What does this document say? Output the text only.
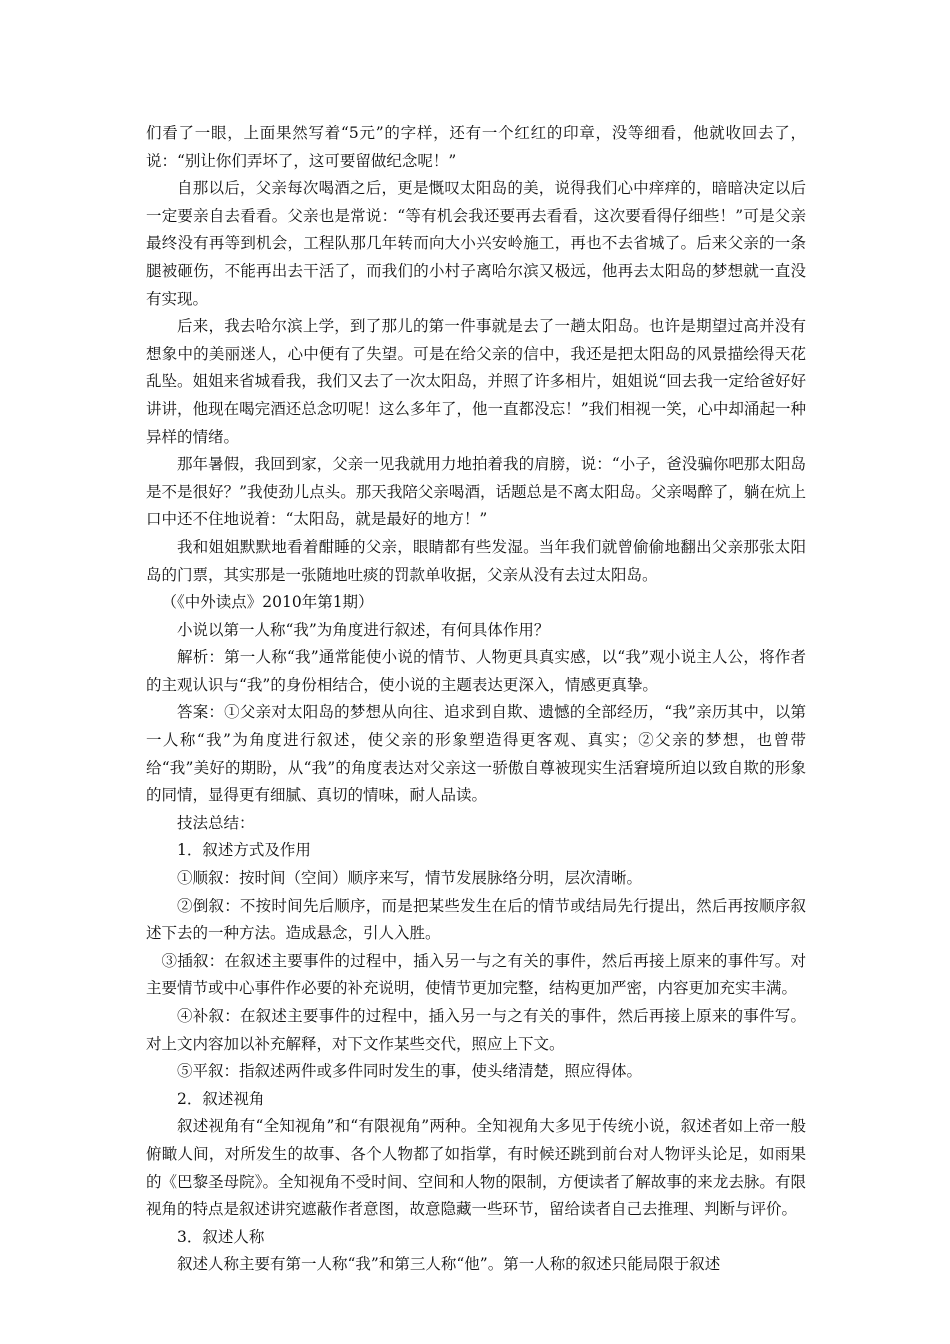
们看了一眼，上面果然写着“5元”的字样，还有一个红红的印章，没等细看，他就收回去了，说：“别让你们弄坏了，这可要留做纪念呢！”

自那以后，父亲每次喝酒之后，更是慨叹太阳岛的美，说得我们心中痒痒的，暗暗决定以后一定要亲自去看看。父亲也是常说：“等有机会我还要再去看看，这次要看得仔细些！”可是父亲最终没有再等到机会，工程队那几年转而向大小兴安岭施工，再也不去省城了。后来父亲的一条腿被砸伤，不能再出去干活了，而我们的小村子离哈尔滨又极远，他再去太阳岛的梦想就一直没有实现。

后来，我去哈尔滨上学，到了那儿的第一件事就是去了一趟太阳岛。也许是期望过高并没有想象中的美丽迷人，心中便有了失望。可是在给父亲的信中，我还是把太阳岛的风景描绘得天花乱坠。姐姐来省城看我，我们又去了一次太阳岛，并照了许多相片，姐姐说“回去我一定给爸好好讲讲，他现在喝完酒还总念叨呢！这么多年了，他一直都没忘！”我们相视一笑，心中却涌起一种异样的情绪。

那年暑假，我回到家，父亲一见我就用力地拍着我的肩膀，说：“小子，爸没骗你吧那太阳岛是不是很好？”我使劲儿点头。那天我陪父亲喝酒，话题总是不离太阳岛。父亲喝醉了，躺在炕上口中还不住地说着：“太阳岛，就是最好的地方！”

我和姐姐默默地看着酣睡的父亲，眼睛都有些发湿。当年我们就曾偷偷地翻出父亲那张太阳岛的门票，其实那是一张随地吐痰的罚款单收据，父亲从没有去过太阳岛。

（《中外读点》2010年第1期）

小说以第一人称“我”为角度进行叙述，有何具体作用？

解析：第一人称“我”通常能使小说的情节、人物更具真实感，以“我”观小说主人公，将作者的主观认识与“我”的身份相结合，使小说的主题表达更深入，情感更真挚。

答案：①父亲对太阳岛的梦想从向往、追求到自欺、遗憾的全部经历，“我”亲历其中，以第一人称“我”为角度进行叙述，使父亲的形象塑造得更客观、真实；②父亲的梦想，也曾带给“我”美好的期盼，从“我”的角度表达对父亲这一骄傲自尊被现实生活窘境所迫以致自欺的形象的同情，显得更有细腻、真切的情味，耐人品读。

技法总结：

1．叙述方式及作用

①顺叙：按时间（空间）顺序来写，情节发展脉络分明，层次清晰。

②倒叙：不按时间先后顺序，而是把某些发生在后的情节或结局先行提出，然后再按顺序叙述下去的一种方法。造成悬念，引人入胜。

③插叙：在叙述主要事件的过程中，插入另一与之有关的事件，然后再接上原来的事件写。对主要情节或中心事件作必要的补充说明，使情节更加完整，结构更加严密，内容更加充实丰满。

④补叙：在叙述主要事件的过程中，插入另一与之有关的事件，然后再接上原来的事件写。对上文内容加以补充解释，对下文作某些交代，照应上下文。

⑤平叙：指叙述两件或多件同时发生的事，使头绪清楚，照应得体。

2．叙述视角

叙述视角有“全知视角”和“有限视角”两种。全知视角大多见于传统小说，叙述者如上帝一般俯瞰人间，对所发生的故事、各个人物都了如指掌，有时候还跳到前台对人物评头论足，如雨果的《巴黎圣母院》。全知视角不受时间、空间和人物的限制，方便读者了解故事的来龙去脉。有限视角的特点是叙述讲究遮蔽作者意图，故意隐藏一些环节，留给读者自己去推理、判断与评价。

3．叙述人称

叙述人称主要有第一人称“我”和第三人称“他”。第一人称的叙述只能局限于叙述
